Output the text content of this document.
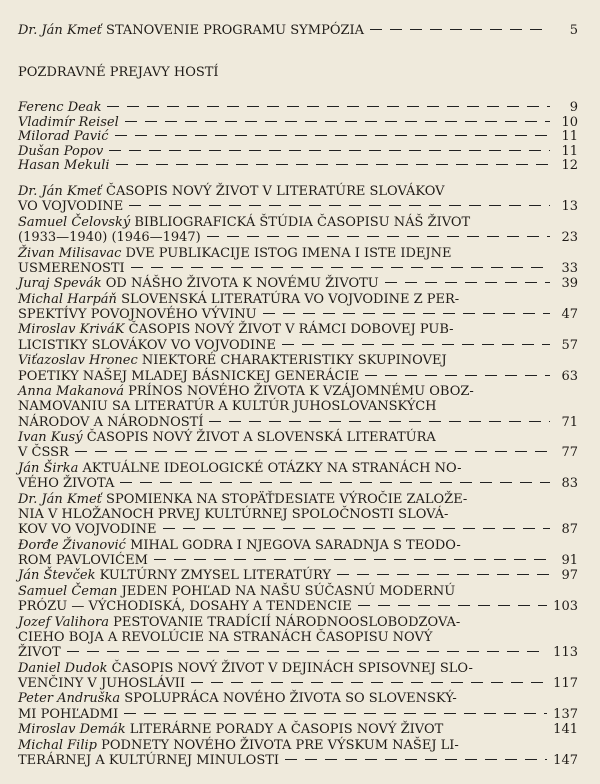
Dr. Ján Kmeť STANOVENIE PROGRAMU SYMPÓZIA	5
POZDRAVNÉ PREJAVY HOSTÍ
Ferenc Deak	9
Vladimír Reisel	10
Milorad Pavić	11
Dušan Popov	11
Hasan Mekuli	12
Dr. Ján Kmeť ČASOPIS NOVÝ ŽIVOT V LITERATÚRE SLOVÁKOV
VO VOJVODINE	13
Samuel Čelovský BIBLIOGRAFICKÁ ŠTÚDIA ČASOPISU NÁŠ ŽIVOT
(1933—1940) (1946—1947)	23
Živan Milisavac DVE PUBLIKACIJE ISTOG IMENA I ISTE IDEJNE
USMERENOSTI	33
Juraj Spevák OD NÁŠHO ŽIVOTA K NOVÉMU ŽIVOTU	39
Michal Harpáň SLOVENSKÁ LITERATÚRA VO VOJVODINE Z PER-
SPEKTÍVY POVOJNOVÉHO VÝVINU	47
Miroslav KriváK ČASOPIS NOVÝ ŽIVOT V RÁMCI DOBOVEJ PUB-
LICISTIKY SLOVÁKOV VO VOJVODINE	57
Viťazoslav Hronec NIEKTORÉ CHARAKTERISTIKY SKUPINOVEJ
POETIKY NAŠEJ MLADEJ BÁSNICKEJ GENERÁCIE	63
Anna Makanová PRÍNOS NOVÉHO ŽIVOTA K VZÁJOMNÉMU OBOZ-
NAMOVANIU SA LITERATÚR A KULTÚR JUHOSLOVANSKÝCH
NÁRODOV A NÁRODNOSTÍ	71
Ivan Kusý ČASOPIS NOVÝ ŽIVOT A SLOVENSKÁ LITERATÚRA
V ČSSR	77
Ján Širka AKTUÁLNE IDEOLOGICKÉ OTÁZKY NA STRANÁCH NO-
VÉHO ŽIVOTA	83
Dr. Ján Kmeť SPOMIENKA NA STOPÄŤDESIATE VÝROČIE ZALOŽE-
NIA V HLOŽANOCH PRVEJ KULTÚRNEJ SPOLOČNOSTI SLOVÁ-
KOV VO VOJVODINE	87
Đorđe Živanović MIHAL GODRA I NJEGOVA SARADNJA S TEODO-
ROM PAVLOVIĆEM	91
Ján Števček KULTÚRNY ZMYSEL LITERATÚRY	97
Samuel Čeman JEDEN POHĽAD NA NAŠU SÚČASNÚ MODERNÚ
PRÓZU — VÝCHODISKÁ, DOSAHY A TENDENCIE	103
Jozef Valihora PESTOVANIE TRADÍCIÍ NÁRODNOOSLOBODZOVA-
CIEHO BOJA A REVOLÚCIE NA STRANÁCH ČASOPISU NOVÝ
ŽIVOT	113
Daniel Dudok ČASOPIS NOVÝ ŽIVOT V DEJINÁCH SPISOVNEJ SLO-
VENČINY V JUHOSLÁVII	117
Peter Andruška SPOLUPRÁCA NOVÉHO ŽIVOTA SO SLOVENSKÝ-
MI POHĽADMI	137
Miroslav Demák LITERÁRNE PORADY A ČASOPIS NOVÝ ŽIVOT	141
Michal Filip PODNETY NOVÉHO ŽIVOTA PRE VÝSKUM NAŠEJ LI-
TERÁRNEJ A KULTÚRNEJ MINULOSTI	147
